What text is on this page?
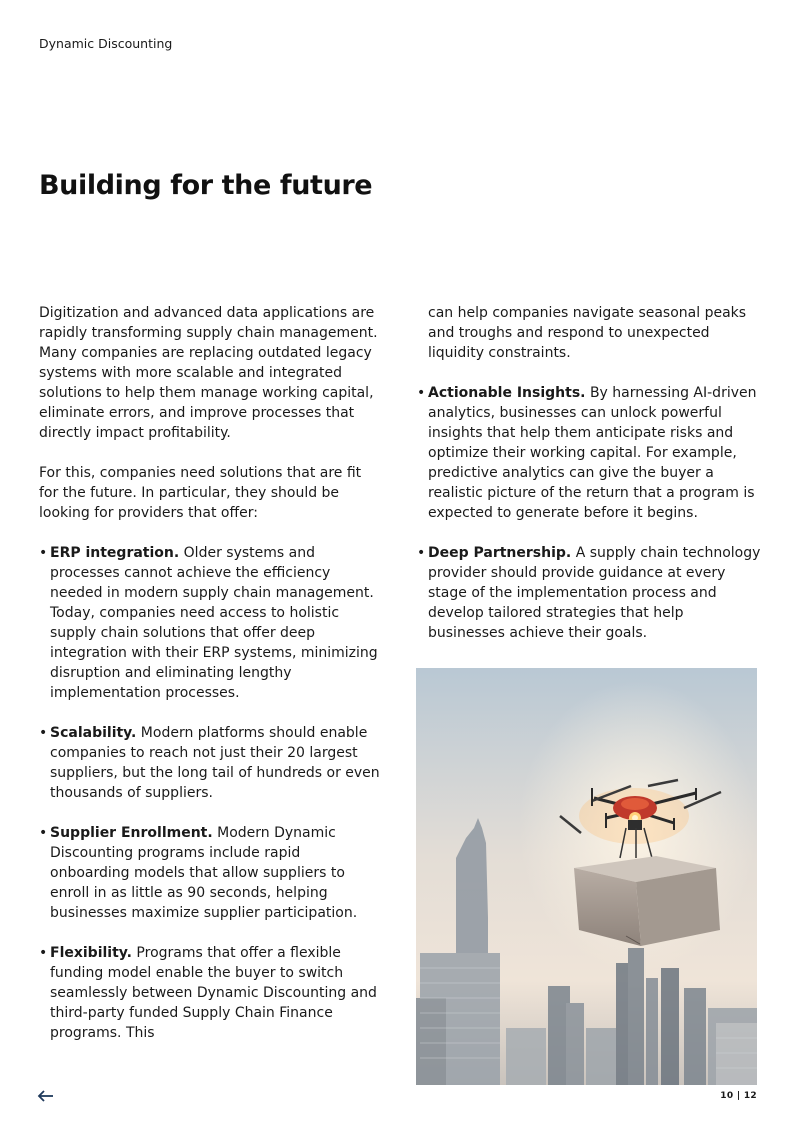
Dynamic Discounting
Building for the future

Digitization and advanced data applications are rapidly transforming supply chain management. Many companies are replacing outdated legacy systems with more scalable and integrated solutions to help them manage working capital, eliminate errors, and improve processes that directly impact profitability.

For this, companies need solutions that are fit for the future. In particular, they should be looking for providers that offer:

• ERP integration. Older systems and processes cannot achieve the efficiency needed in modern supply chain management. Today, companies need access to holistic supply chain solutions that offer deep integration with their ERP systems, minimizing disruption and eliminating lengthy implementation processes.
• Scalability. Modern platforms should enable companies to reach not just their 20 largest suppliers, but the long tail of hundreds or even thousands of suppliers.
• Supplier Enrollment. Modern Dynamic Discounting programs include rapid onboarding models that allow suppliers to enroll in as little as 90 seconds, helping businesses maximize supplier participation.
• Flexibility. Programs that offer a flexible funding model enable the buyer to switch seamlessly between Dynamic Discounting and third-party funded Supply Chain Finance programs. This

can help companies navigate seasonal peaks and troughs and respond to unexpected liquidity constraints.

• Actionable Insights. By harnessing AI-driven analytics, businesses can unlock powerful insights that help them anticipate risks and optimize their working capital. For example, predictive analytics can give the buyer a realistic picture of the return that a program is expected to generate before it begins.
• Deep Partnership. A supply chain technology provider should provide guidance at every stage of the implementation process and develop tailored strategies that help businesses achieve their goals.
10 | 12
